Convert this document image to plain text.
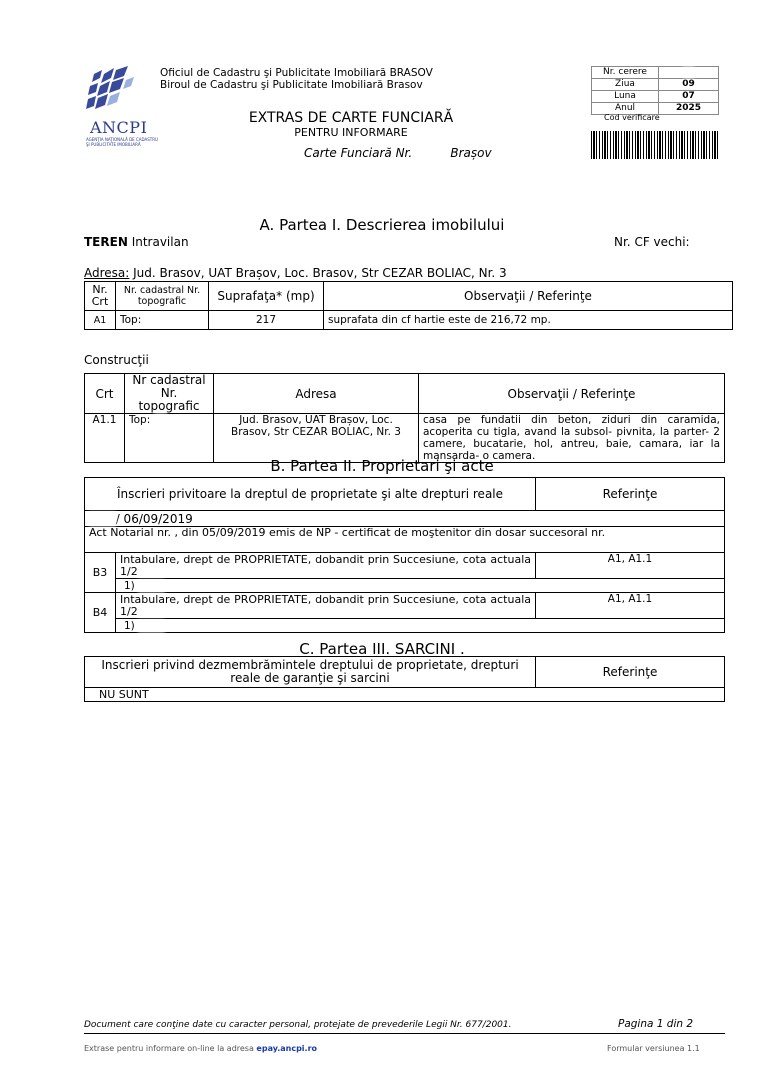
ANCPI
AGENŢIA NAŢIONALĂ DE CADASTRU ŞI PUBLICITATE IMOBILIARĂ
Oficiul de Cadastru şi Publicitate Imobiliară BRASOV
Biroul de Cadastru şi Publicitate Imobiliară Brasov
Nr. cerere	
Ziua	09
Luna	07
Anul	2025
Cod verificare
EXTRAS DE CARTE FUNCIARĂ
PENTRU INFORMARE
Carte Funciară Nr.	Brașov
A. Partea I. Descrierea imobilului
TEREN Intravilan	Nr. CF vechi:
Adresa: Jud. Brasov, UAT Brașov, Loc. Brasov, Str CEZAR BOLIAC, Nr. 3
Nr. Crt	Nr. cadastral Nr. topografic	Suprafaţa* (mp)	Observaţii / Referinţe
A1	Top:	217	suprafata din cf hartie este de 216,72 mp.
Construcţii
Crt	Nr cadastral Nr. topografic	Adresa	Observaţii / Referinţe
A1.1	Top:	Jud. Brasov, UAT Brașov, Loc. Brasov, Str CEZAR BOLIAC, Nr. 3	casa pe fundatii din beton, ziduri din caramida, acoperita cu tigla, avand la subsol- pivnita, la parter- 2 camere, bucatarie, hol, antreu, baie, camara, iar la mansarda- o camera.
B. Partea II. Proprietari şi acte
Înscrieri privitoare la dreptul de proprietate şi alte drepturi reale		Referinţe
/ 06/09/2019		
Act Notarial nr. , din 05/09/2019 emis de NP - certificat de moştenitor din dosar succesoral nr.		
B3	Intabulare, drept de PROPRIETATE, dobandit prin Succesiune, cota actuala 1/2	A1, A1.1
	1)	
B4	Intabulare, drept de PROPRIETATE, dobandit prin Succesiune, cota actuala 1/2	A1, A1.1
	1)	
C. Partea III. SARCINI .
Inscrieri privind dezmembrămintele dreptului de proprietate, drepturi reale de garanţie şi sarcini	Referinţe
NU SUNT
Document care conţine date cu caracter personal, protejate de prevederile Legii Nr. 677/2001.	Pagina 1 din 2
Extrase pentru informare on-line la adresa epay.ancpi.ro	Formular versiunea 1.1
